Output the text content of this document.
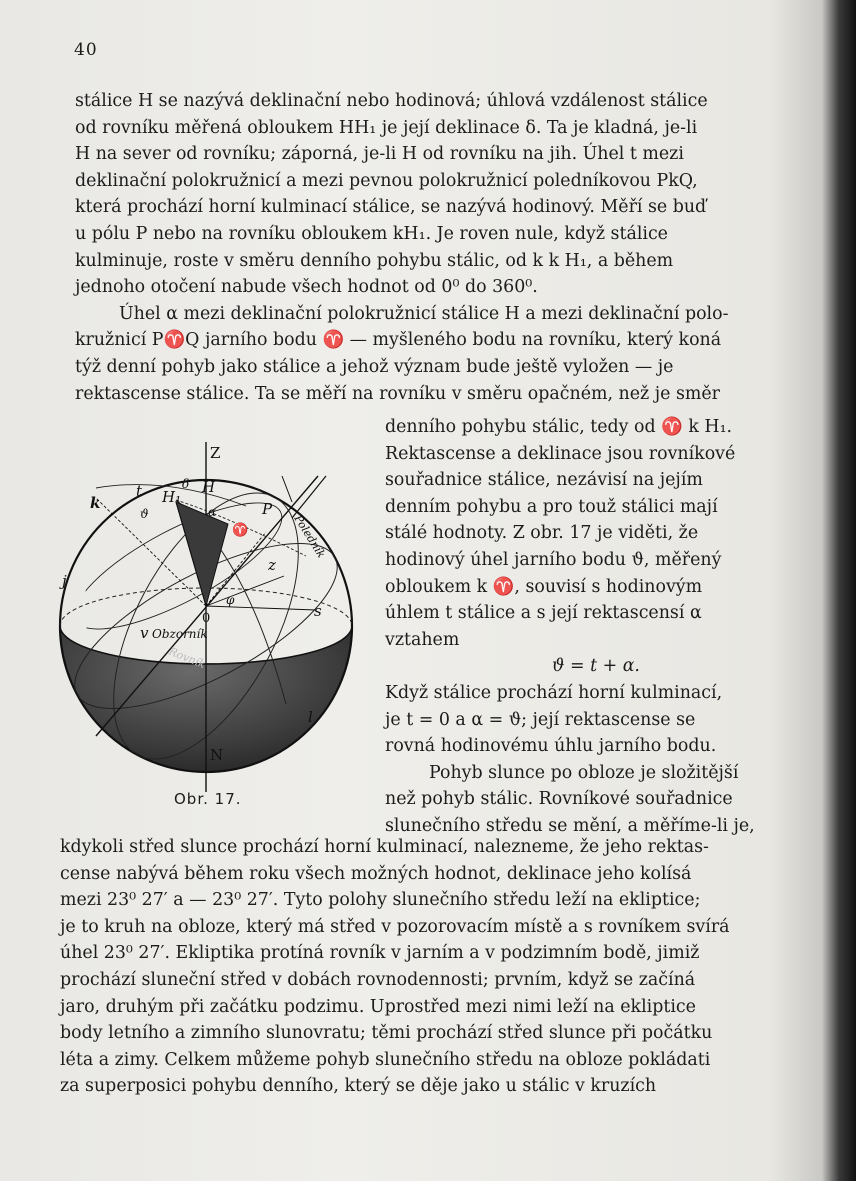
40

stálice H se nazývá deklinační nebo hodinová; úhlová vzdálenost stálice

od rovníku měřená obloukem HH₁ je její deklinace δ. Ta je kladná, je-li

H na sever od rovníku; záporná, je-li H od rovníku na jih. Úhel t mezi

deklinační polokružnicí a mezi pevnou polokružnicí poledníkovou PkQ,

která prochází horní kulminací stálice, se nazývá hodinový. Měří se buď

u pólu P nebo na rovníku obloukem kH₁. Je roven nule, když stálice

kulminuje, roste v směru denního pohybu stálic, od k k H₁, a během

jednoho otočení nabude všech hodnot od 0⁰ do 360⁰.

Úhel α mezi deklinační polokružnicí stálice H a mezi deklinační polo-

kružnicí P♈Q jarního bodu ♈ — myšleného bodu na rovníku, který koná

týž denní pohyb jako stálice a jehož význam bude ještě vyložen — je

rektascense stálice. Ta se měří na rovníku v směru opačném, než je směr

denního pohybu stálic, tedy od ♈ k H₁.

Rektascense a deklinace jsou rovníkové

souřadnice stálice, nezávisí na jejím

denním pohybu a pro touž stálici mají

stálé hodnoty. Z obr. 17 je viděti, že

hodinový úhel jarního bodu ϑ, měřený

obloukem k ♈, souvisí s hodinovým

úhlem t stálice a s její rektascensí α

vztahem

ϑ = t + α.

Když stálice prochází horní kulminací,

je t = 0 a α = ϑ; její rektascense se

rovná hodinovému úhlu jarního bodu.

Pohyb slunce po obloze je složitější

než pohyb stálic. Rovníkové souřadnice

slunečního středu se mění, a měříme-li je,

kdykoli střed slunce prochází horní kulminací, nalezneme, že jeho rektas-

cense nabývá během roku všech možných hodnot, deklinace jeho kolísá

mezi 23⁰ 27′ a — 23⁰ 27′. Tyto polohy slunečního středu leží na ekliptice;

je to kruh na obloze, který má střed v pozorovacím místě a s rovníkem svírá

úhel 23⁰ 27′. Ekliptika protíná rovník v jarním a v podzimním bodě, jimiž

prochází sluneční střed v dobách rovnodennosti; prvním, když se začíná

jaro, druhým při začátku podzimu. Uprostřed mezi nimi leží na ekliptice

body letního a zimního slunovratu; těmi prochází střed slunce při počátku

léta a zimy. Celkem můžeme pohyb slunečního středu na obloze pokládati

za superposici pohybu denního, který se děje jako u stálic v kruzích

Z
N
H₁
H
k
t
P
j
s
v
l
0
z
α
δ
ϑ
♈
φ
Obzorník
Poledník
Rovník
Obr. 17.
